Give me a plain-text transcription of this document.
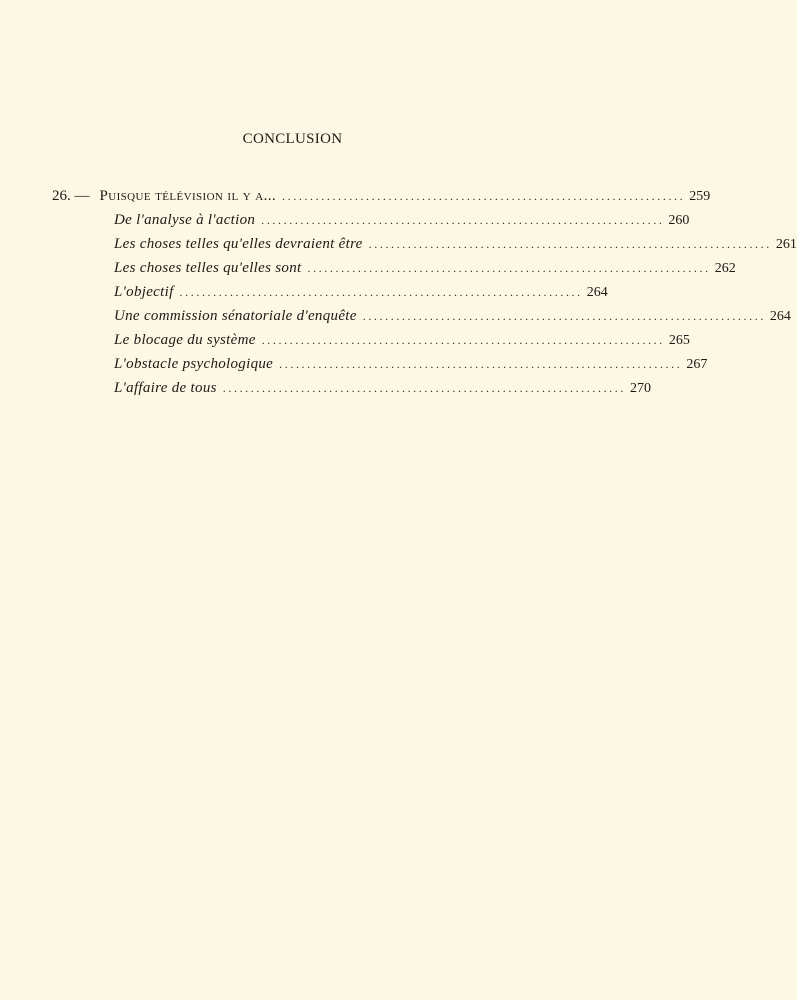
CONCLUSION
26. — Puisque télévision il y a... ........................................................................ 259
De l'analyse à l'action ........................................................................ 260
Les choses telles qu'elles devraient être ........................................................................ 261
Les choses telles qu'elles sont ........................................................................ 262
L'objectif ........................................................................ 264
Une commission sénatoriale d'enquête ........................................................................ 264
Le blocage du système ........................................................................ 265
L'obstacle psychologique ........................................................................ 267
L'affaire de tous ........................................................................ 270
